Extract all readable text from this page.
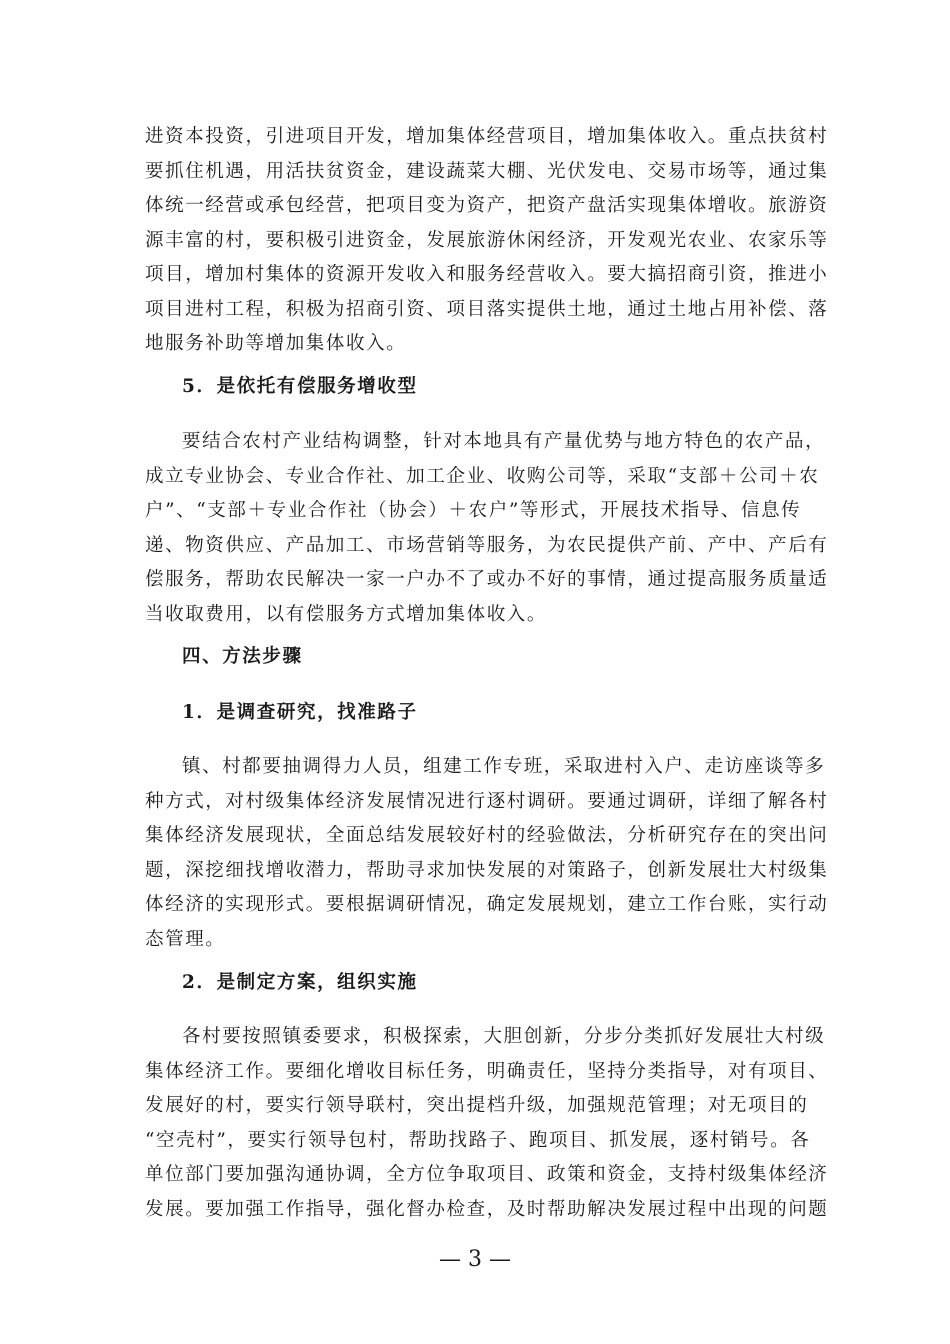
进资本投资，引进项目开发，增加集体经营项目，增加集体收入。重点扶贫村
要抓住机遇，用活扶贫资金，建设蔬菜大棚、光伏发电、交易市场等，通过集
体统一经营或承包经营，把项目变为资产，把资产盘活实现集体增收。旅游资
源丰富的村，要积极引进资金，发展旅游休闲经济，开发观光农业、农家乐等
项目，增加村集体的资源开发收入和服务经营收入。要大搞招商引资，推进小
项目进村工程，积极为招商引资、项目落实提供土地，通过土地占用补偿、落
地服务补助等增加集体收入。
5．是依托有偿服务增收型
要结合农村产业结构调整，针对本地具有产量优势与地方特色的农产品，
成立专业协会、专业合作社、加工企业、收购公司等，采取“支部＋公司＋农
户”、“支部＋专业合作社（协会）＋农户”等形式，开展技术指导、信息传
递、物资供应、产品加工、市场营销等服务，为农民提供产前、产中、产后有
偿服务，帮助农民解决一家一户办不了或办不好的事情，通过提高服务质量适
当收取费用，以有偿服务方式增加集体收入。
四、方法步骤
1．是调查研究，找准路子
镇、村都要抽调得力人员，组建工作专班，采取进村入户、走访座谈等多
种方式，对村级集体经济发展情况进行逐村调研。要通过调研，详细了解各村
集体经济发展现状，全面总结发展较好村的经验做法，分析研究存在的突出问
题，深挖细找增收潜力，帮助寻求加快发展的对策路子，创新发展壮大村级集
体经济的实现形式。要根据调研情况，确定发展规划，建立工作台账，实行动
态管理。
2．是制定方案，组织实施
各村要按照镇委要求，积极探索，大胆创新，分步分类抓好发展壮大村级
集体经济工作。要细化增收目标任务，明确责任，坚持分类指导，对有项目、
发展好的村，要实行领导联村，突出提档升级，加强规范管理；对无项目的
“空壳村”，要实行领导包村，帮助找路子、跑项目、抓发展，逐村销号。各
单位部门要加强沟通协调，全方位争取项目、政策和资金，支持村级集体经济
发展。要加强工作指导，强化督办检查，及时帮助解决发展过程中出现的问题
— 3 —
